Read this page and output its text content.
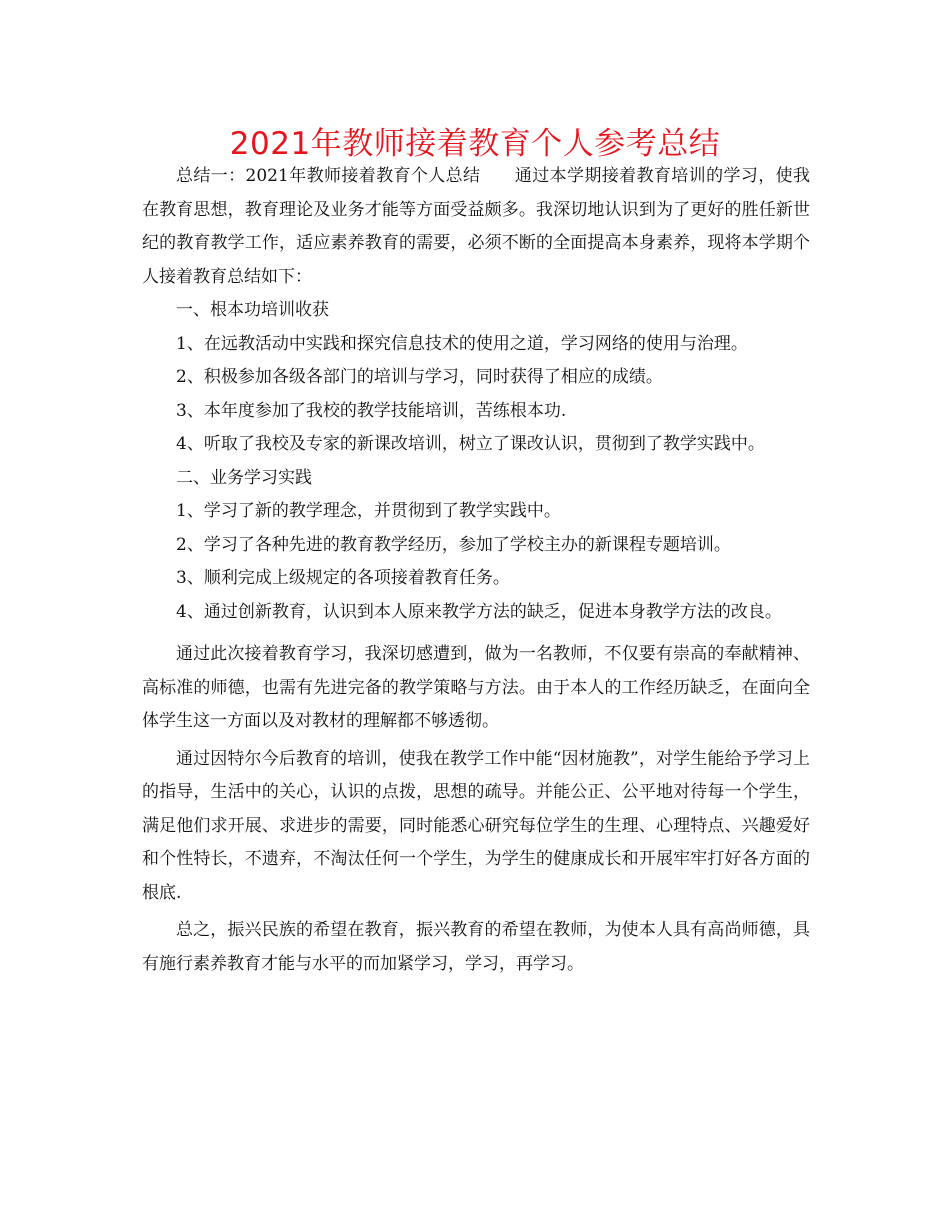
2021年教师接着教育个人参考总结

总结一：2021年教师接着教育个人总结 通过本学期接着教育培训的学习，使我在教育思想，教育理论及业务才能等方面受益颇多。我深切地认识到为了更好的胜任新世纪的教育教学工作，适应素养教育的需要，必须不断的全面提高本身素养，现将本学期个人接着教育总结如下：

一、根本功培训收获

1、在远教活动中实践和探究信息技术的使用之道，学习网络的使用与治理。

2、积极参加各级各部门的培训与学习，同时获得了相应的成绩。

3、本年度参加了我校的教学技能培训，苦练根本功.

4、听取了我校及专家的新课改培训，树立了课改认识，贯彻到了教学实践中。

二、业务学习实践

1、学习了新的教学理念，并贯彻到了教学实践中。

2、学习了各种先进的教育教学经历，参加了学校主办的新课程专题培训。

3、顺利完成上级规定的各项接着教育任务。

4、通过创新教育，认识到本人原来教学方法的缺乏，促进本身教学方法的改良。

通过此次接着教育学习，我深切感遭到，做为一名教师，不仅要有崇高的奉献精神、高标准的师德，也需有先进完备的教学策略与方法。由于本人的工作经历缺乏，在面向全体学生这一方面以及对教材的理解都不够透彻。

通过因特尔今后教育的培训，使我在教学工作中能“因材施教”，对学生能给予学习上的指导，生活中的关心，认识的点拨，思想的疏导。并能公正、公平地对待每一个学生，满足他们求开展、求进步的需要，同时能悉心研究每位学生的生理、心理特点、兴趣爱好和个性特长，不遗弃，不淘汰任何一个学生，为学生的健康成长和开展牢牢打好各方面的根底.

总之，振兴民族的希望在教育，振兴教育的希望在教师，为使本人具有高尚师德，具有施行素养教育才能与水平的而加紧学习，学习，再学习。
